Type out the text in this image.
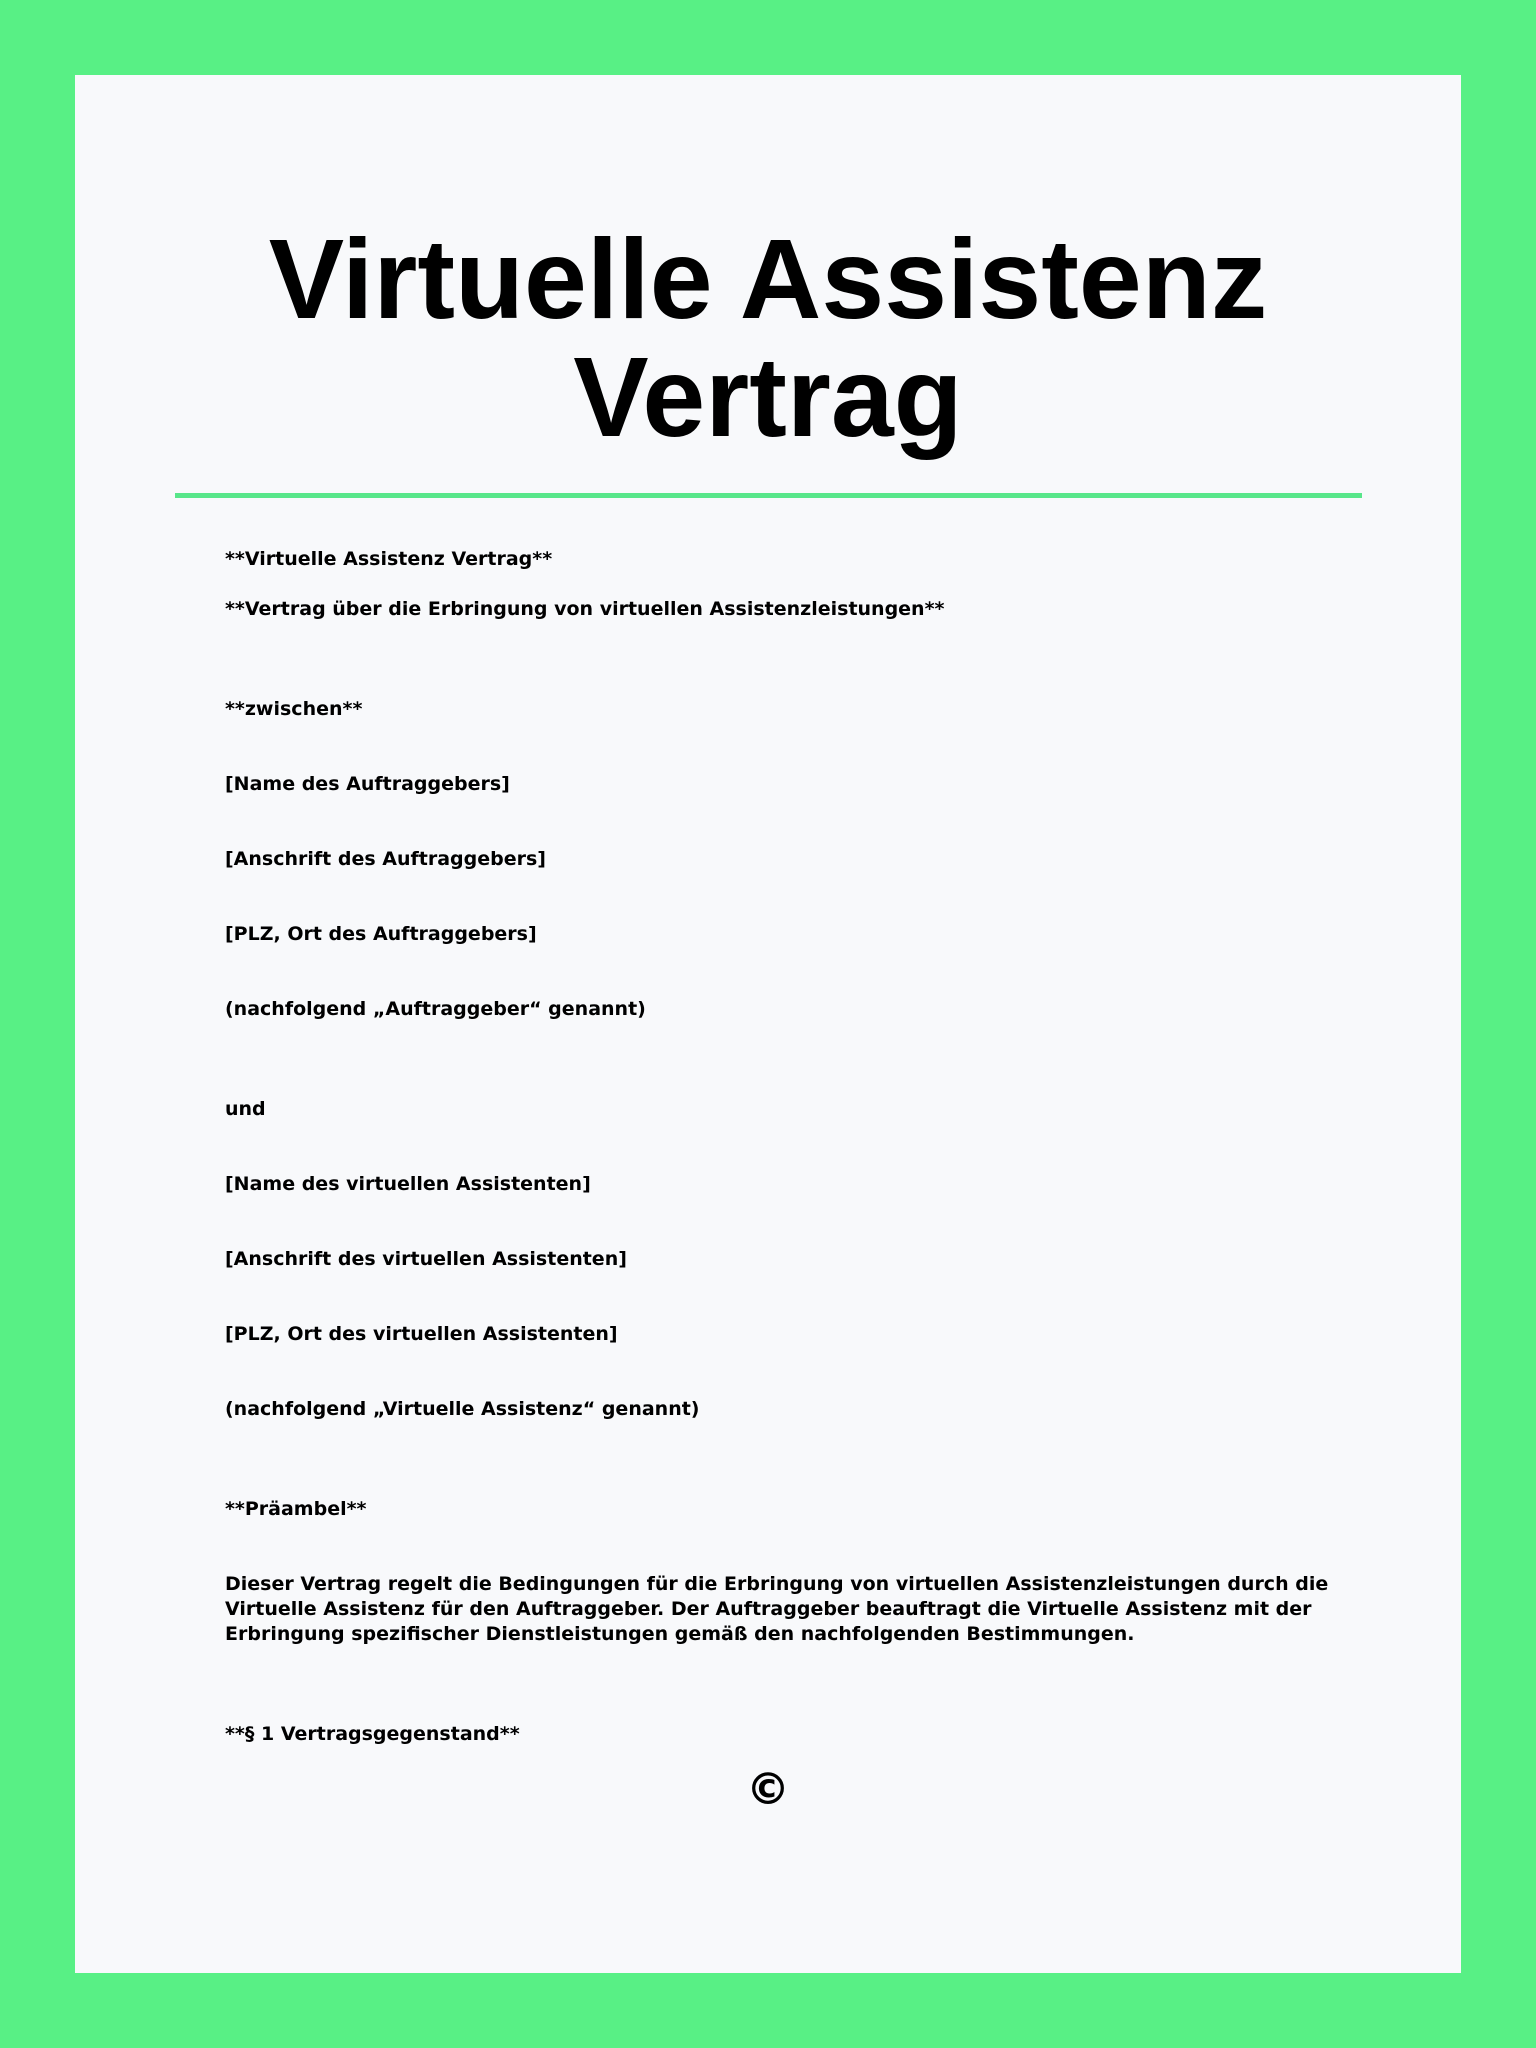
Virtuelle Assistenz Vertrag

**Virtuelle Assistenz Vertrag**

**Vertrag über die Erbringung von virtuellen Assistenzleistungen**

**zwischen**

[Name des Auftraggebers]

[Anschrift des Auftraggebers]

[PLZ, Ort des Auftraggebers]

(nachfolgend „Auftraggeber“ genannt)

und

[Name des virtuellen Assistenten]

[Anschrift des virtuellen Assistenten]

[PLZ, Ort des virtuellen Assistenten]

(nachfolgend „Virtuelle Assistenz“ genannt)

**Präambel**

Dieser Vertrag regelt die Bedingungen für die Erbringung von virtuellen Assistenzleistungen durch die Virtuelle Assistenz für den Auftraggeber. Der Auftraggeber beauftragt die Virtuelle Assistenz mit der Erbringung spezifischer Dienstleistungen gemäß den nachfolgenden Bestimmungen.

**§ 1 Vertragsgegenstand**

©
